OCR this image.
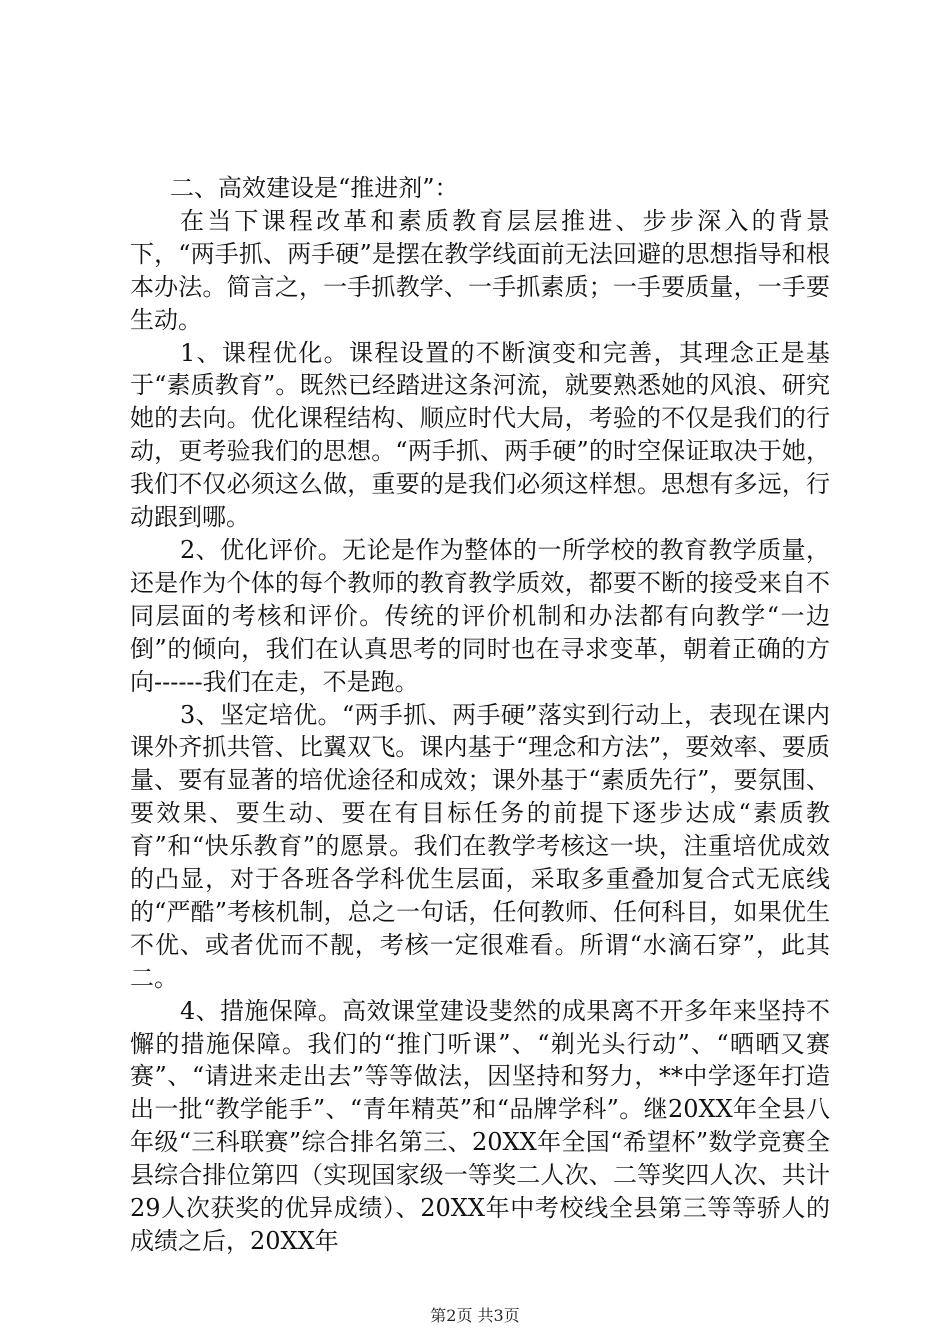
二、高效建设是“推进剂”：

在当下课程改革和素质教育层层推进、步步深入的背景下，“两手抓、两手硬”是摆在教学线面前无法回避的思想指导和根本办法。简言之，一手抓教学、一手抓素质；一手要质量，一手要生动。

1、课程优化。课程设置的不断演变和完善，其理念正是基于“素质教育”。既然已经踏进这条河流，就要熟悉她的风浪、研究她的去向。优化课程结构、顺应时代大局，考验的不仅是我们的行动，更考验我们的思想。“两手抓、两手硬”的时空保证取决于她，我们不仅必须这么做，重要的是我们必须这样想。思想有多远，行动跟到哪。

2、优化评价。无论是作为整体的一所学校的教育教学质量，还是作为个体的每个教师的教育教学质效，都要不断的接受来自不同层面的考核和评价。传统的评价机制和办法都有向教学“一边倒”的倾向，我们在认真思考的同时也在寻求变革，朝着正确的方向------我们在走，不是跑。

3、坚定培优。“两手抓、两手硬”落实到行动上，表现在课内课外齐抓共管、比翼双飞。课内基于“理念和方法”，要效率、要质量、要有显著的培优途径和成效；课外基于“素质先行”，要氛围、要效果、要生动、要在有目标任务的前提下逐步达成“素质教育”和“快乐教育”的愿景。我们在教学考核这一块，注重培优成效的凸显，对于各班各学科优生层面，采取多重叠加复合式无底线的“严酷”考核机制，总之一句话，任何教师、任何科目，如果优生不优、或者优而不靓，考核一定很难看。所谓“水滴石穿”，此其二。

4、措施保障。高效课堂建设斐然的成果离不开多年来坚持不懈的措施保障。我们的“推门听课”、“剃光头行动”、“晒晒又赛赛”、“请进来走出去”等等做法，因坚持和努力，**中学逐年打造出一批“教学能手”、“青年精英”和“品牌学科”。继20XX年全县八年级“三科联赛”综合排名第三、20XX年全国“希望杯”数学竞赛全县综合排位第四（实现国家级一等奖二人次、二等奖四人次、共计29人次获奖的优异成绩）、20XX年中考校线全县第三等等骄人的成绩之后，20XX年

第2页 共3页
